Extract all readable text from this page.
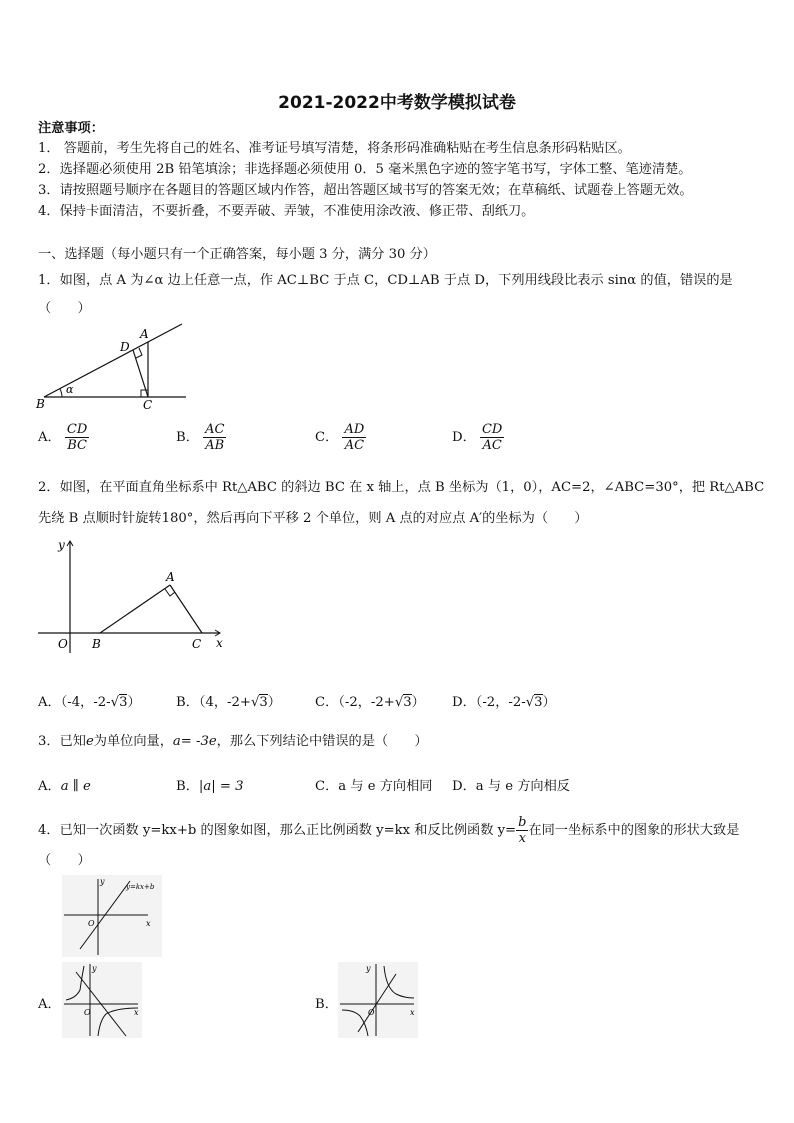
2021-2022中考数学模拟试卷
注意事项：
1． 答题前，考生先将自己的姓名、准考证号填写清楚，将条形码准确粘贴在考生信息条形码粘贴区。
2．选择题必须使用 2B 铅笔填涂；非选择题必须使用 0．5 毫米黑色字迹的签字笔书写，字体工整、笔迹清楚。
3．请按照题号顺序在各题目的答题区域内作答，超出答题区域书写的答案无效；在草稿纸、试题卷上答题无效。
4．保持卡面清洁，不要折叠，不要弄破、弄皱，不准使用涂改液、修正带、刮纸刀。
一、选择题（每小题只有一个正确答案，每小题 3 分，满分 30 分）
1．如图，点 A 为∠α 边上任意一点，作 AC⊥BC 于点 C，CD⊥AB 于点 D，下列用线段比表示 sinα 的值，错误的是
（　　）
B	C
A
D
α
A． $\frac{CD}{BC}$	B． $\frac{AC}{AB}$	C． $\frac{AD}{AC}$	D． $\frac{CD}{AC}$
2．如图，在平面直角坐标系中 Rt△ABC 的斜边 BC 在 x 轴上，点 B 坐标为（1，0），AC=2，∠ABC=30°，把 Rt△ABC
先绕 B 点顺时针旋转180°，然后再向下平移 2 个单位，则 A 点的对应点 A′的坐标为（　　）
y
x
O B	C
A
A．（-4，-2-√3）	B．（4，-2+√3）	C．（-2，-2+√3） D．（-2，-2-√3）
3．已知e为单位向量，a= -3e，那么下列结论中错误的是（　　）
A．a ∥ e	B．|a| = 3	C．a 与 e 方向相同 D．a 与 e 方向相反
4．已知一次函数 y=kx+b 的图象如图，那么正比例函数 y=kx 和反比例函数 $y= \frac{b}{x}$ 在同一坐标系中的图象的形状大致是
（　　）
y
x
O
y=kx+b
A．
y
x
O
B．
y
x
O
